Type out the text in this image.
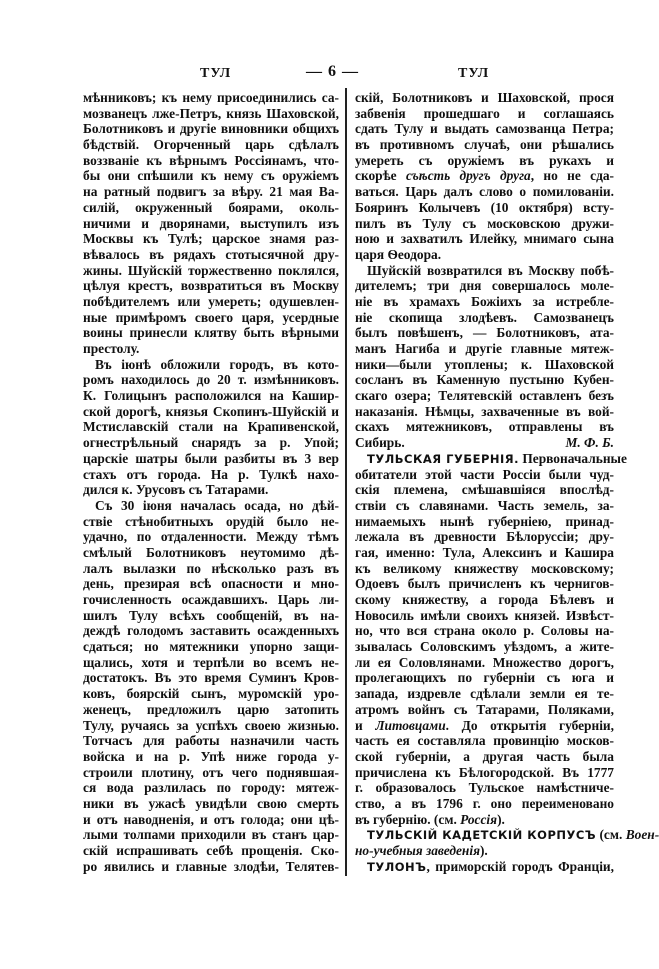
ТУЛ	— 6 —	ТУЛ
мѣнниковъ; къ нему присоединились са-
мозванецъ лже-Петръ, князь Шаховской,
Болотниковъ и другіе виновники общихъ
бѣдствій. Огорченный царь сдѣлалъ
воззваніе къ вѣрнымъ Россіянамъ, что-
бы они спѣшили къ нему съ оружіемъ
на ратный подвигъ за вѣру. 21 мая Ва-
силій, окруженный боярами, околь-
ничими и дворянами, выступилъ изъ
Москвы къ Тулѣ; царское знамя раз-
вѣвалось въ рядахъ стотысячной дру-
жины. Шуйскій торжественно поклялся,
цѣлуя крестъ, возвратиться въ Москву
побѣдителемъ или умереть; одушевлен-
ные примѣромъ своего царя, усердные
воины принесли клятву быть вѣрными
престолу.
Въ іюнѣ обложили городъ, въ кото-
ромъ находилось до 20 т. измѣнниковъ.
К. Голицынъ расположился на Кашир-
ской дорогѣ, князья Скопинъ-Шуйскій и
Мстиславскій стали на Крапивенской,
огнестрѣльный снарядъ за р. Упой;
царскіе шатры были разбиты въ 3 вер
стахъ отъ города. На р. Тулкѣ нахо-
дился к. Урусовъ съ Татарами.
Съ 30 іюня началась осада, но дѣй-
ствіе стѣнобитныхъ орудій было не-
удачно, по отдаленности. Между тѣмъ
смѣлый Болотниковъ неутомимо дѣ-
лалъ вылазки по нѣсколько разъ въ
день, презирая всѣ опасности и мно-
гочисленность осаждавшихъ. Царь ли-
шилъ Тулу всѣхъ сообщеній, въ на-
деждѣ голодомъ заставить осажденныхъ
сдаться; но мятежники упорно защи-
щались, хотя и терпѣли во всемъ не-
достатокъ. Въ это время Суминъ Кров-
ковъ, боярскій сынъ, муромскій уро-
женецъ, предложилъ царю затопить
Тулу, ручаясь за успѣхъ своею жизнью.
Тотчасъ для работы назначили часть
войска и на р. Упѣ ниже города у-
строили плотину, отъ чего поднявшая-
ся вода разлилась по городу: мятеж-
ники въ ужасѣ увидѣли свою смерть
и отъ наводненія, и отъ голода; они цѣ-
лыми толпами приходили въ станъ цар-
скій испрашивать себѣ прощенія. Ско-
ро явились и главные злодѣи, Телятев-
скій, Болотниковъ и Шаховской, прося
забвенія прошедшаго и соглашаясь
сдать Тулу и выдать самозванца Петра;
въ противномъ случаѣ, они рѣшались
умереть съ оружіемъ въ рукахъ и
скорѣе съѣсть другъ друга, но не сда-
ваться. Царь далъ слово о помилованіи.
Бояринъ Колычевъ (10 октября) всту-
пилъ въ Тулу съ московскою дружи-
ною и захватилъ Илейку, мнимаго сына
царя Ѳеодора.
Шуйскій возвратился въ Москву побѣ-
дителемъ; три дня совершалось моле-
ніе въ храмахъ Божіихъ за истребле-
ніе скопища злодѣевъ. Самозванецъ
былъ повѣшенъ, — Болотниковъ, ата-
манъ Нагиба и другіе главные мятеж-
ники—были утоплены; к. Шаховской
сосланъ въ Каменную пустыню Кубен-
скаго озера; Телятевскій оставленъ безъ
наказанія. Нѣмцы, захваченные въ вой-
скахъ мятежниковъ, отправлены въ
Сибирь.	М. Ф. Б.
ТУЛЬСКАЯ ГУБЕРНІЯ. Первоначальные
обитатели этой части Россіи были чуд-
скія племена, смѣшавшіяся впослѣд-
ствіи съ славянами. Часть земель, за-
нимаемыхъ нынѣ губерніею, принад-
лежала въ древности Бѣлоруссіи; дру-
гая, именно: Тула, Алексинъ и Кашира
къ великому княжеству московскому;
Одоевъ былъ причисленъ къ чернигов-
скому княжеству, а города Бѣлевъ и
Новосиль имѣли своихъ князей. Извѣст-
но, что вся страна около р. Соловы на-
зывалась Соловскимъ уѣздомъ, а жите-
ли ея Соловлянами. Множество дорогъ,
пролегающихъ по губерніи съ юга и
запада, издревле сдѣлали земли ея те-
атромъ войнъ съ Татарами, Поляками,
и Литовцами. До открытія губерніи,
часть ея составляла провинцію москов-
ской губерніи, а другая часть была
причислена къ Бѣлогородской. Въ 1777
г. образовалось Тульское намѣстниче-
ство, а въ 1796 г. оно переименовано
въ губернію. (см. Россія).
ТУЛЬСКІЙ КАДЕТСКІЙ КОРПУСЪ (см. Воен-
но-учебныя заведенія).
ТУЛОНЪ, приморскій городъ Франціи,
